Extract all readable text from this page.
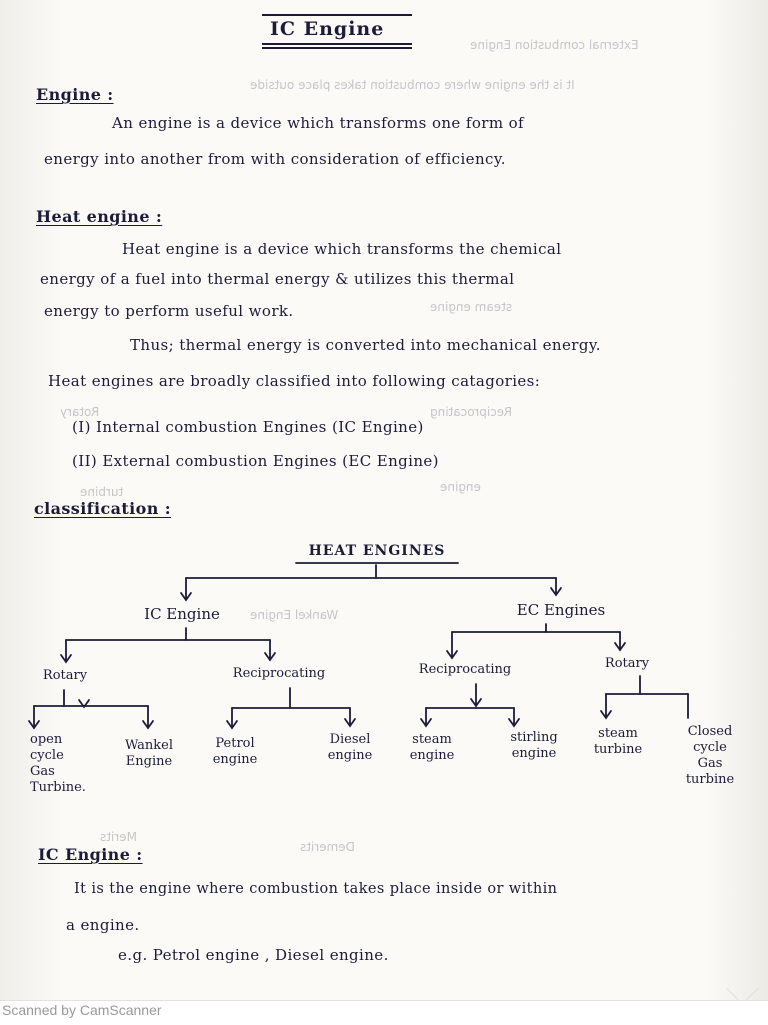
External combustion Engine
It is the engine where combustion takes place outside
steam engine
Rotary	Reciprocating
turbine	engine
Wankel Engine
Merits
Demerits
IC Engine
Engine :
An engine is a device which transforms one form of
energy into another from with consideration of efficiency.
Heat engine :
Heat engine is a device which transforms the chemical
energy of a fuel into thermal energy & utilizes this thermal
energy to perform useful work.
Thus; thermal energy is converted into mechanical energy.
Heat engines are broadly classified into following catagories:
(I) Internal combustion Engines (IC Engine)
(II) External combustion Engines (EC Engine)
classification :
HEAT ENGINES
IC Engine	EC Engines
Rotary	Reciprocating	Reciprocating	Rotary
open
cycle
Gas
Turbine.
Wankel
Engine
Petrol
engine
Diesel
engine
steam
engine
stirling
engine
steam
turbine
Closed
cycle
Gas
turbine
IC Engine :
It is the engine where combustion takes place inside or within
a engine.
e.g. Petrol engine , Diesel engine.
Scanned by CamScanner
